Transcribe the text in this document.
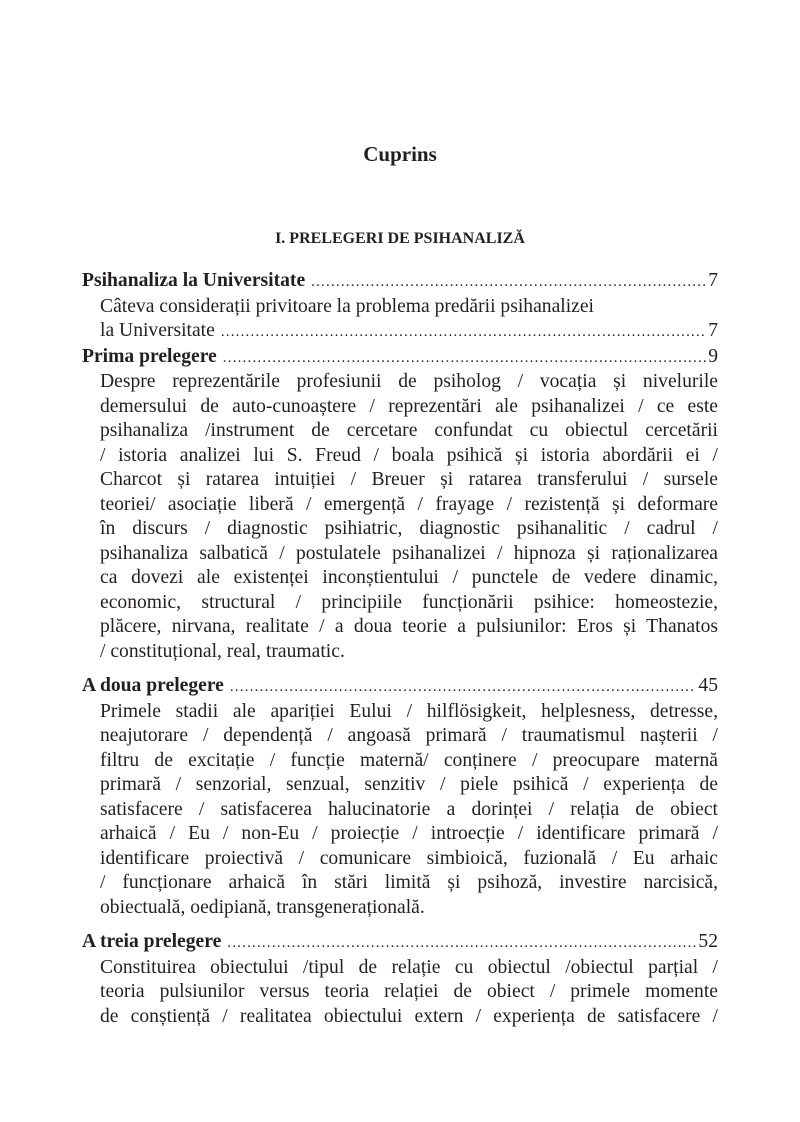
Cuprins
I. PRELEGERI DE PSIHANALIZĂ
Psihanaliza la Universitate .....	7
Câteva considerații privitoare la problema predării psihanalizei
la Universitate .....	7
Prima prelegere .....	9
Despre reprezentările profesiunii de psiholog / vocația și nivelurile
demersului de auto-cunoaștere / reprezentări ale psihanalizei / ce este
psihanaliza /instrument de cercetare confundat cu obiectul cercetării
/ istoria analizei lui S. Freud / boala psihică și istoria abordării ei /
Charcot și ratarea intuiției / Breuer și ratarea transferului / sursele
teoriei/ asociație liberă / emergență / frayage / rezistență și deformare
în discurs / diagnostic psihiatric, diagnostic psihanalitic / cadrul /
psihanaliza salbatică / postulatele psihanalizei / hipnoza și raționalizarea
ca dovezi ale existenței inconștientului / punctele de vedere dinamic,
economic, structural / principiile funcționării psihice: homeostezie,
plăcere, nirvana, realitate / a doua teorie a pulsiunilor: Eros și Thanatos
/ constituțional, real, traumatic.
A doua prelegere .....	45
Primele stadii ale apariției Eului / hilflösigkeit, helplesness, detresse,
neajutorare / dependență / angoasă primară / traumatismul nașterii /
filtru de excitație / funcție maternă/ conținere / preocupare maternă
primară / senzorial, senzual, senzitiv / piele psihică / experiența de
satisfacere / satisfacerea halucinatorie a dorinței / relația de obiect
arhaică / Eu / non-Eu / proiecție / introecție / identificare primară /
identificare proiectivă / comunicare simbioică, fuzională / Eu arhaic
/ funcționare arhaică în stări limită și psihoză, investire narcisică,
obiectuală, oedipiană, transgenerațională.
A treia prelegere .....	52
Constituirea obiectului /tipul de relație cu obiectul /obiectul parțial /
teoria pulsiunilor versus teoria relației de obiect / primele momente
de conștiență / realitatea obiectului extern / experiența de satisfacere /
